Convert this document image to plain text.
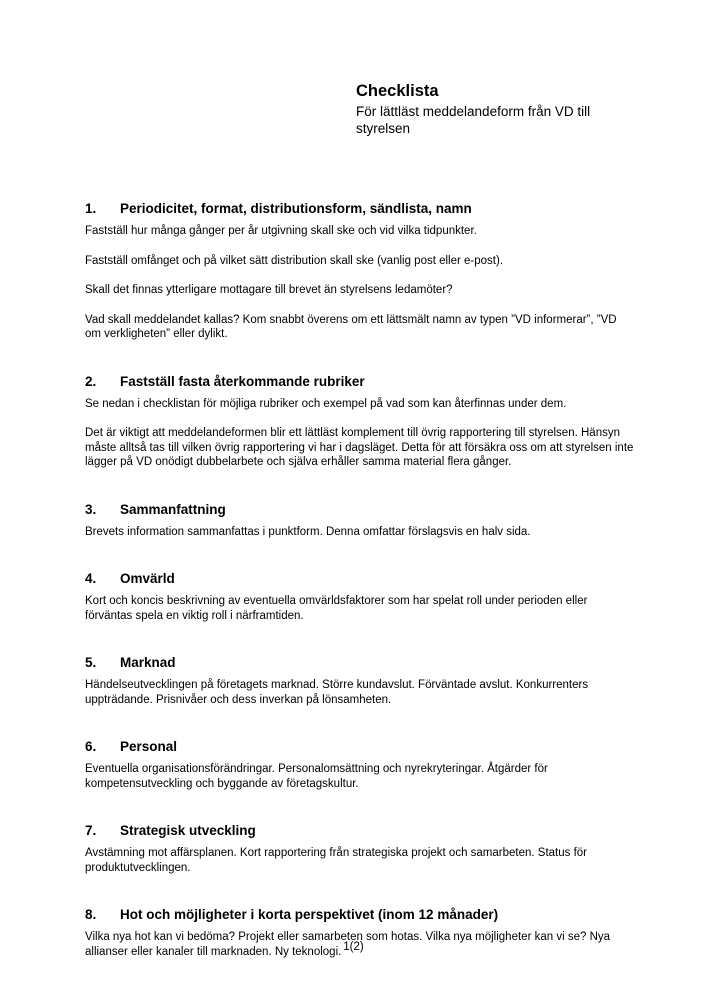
Checklista

För lättläst meddelandeform från VD till styrelsen

1.	Periodicitet, format, distributionsform, sändlista, namn

Fastställ hur många gånger per år utgivning skall ske och vid vilka tidpunkter.

Fastställ omfånget och på vilket sätt distribution skall ske (vanlig post eller e-post).

Skall det finnas ytterligare mottagare till brevet än styrelsens ledamöter?

Vad skall meddelandet kallas? Kom snabbt överens om ett lättsmält namn av typen ”VD informerar”, ”VD om verkligheten” eller dylikt.

2.	Fastställ fasta återkommande rubriker

Se nedan i checklistan för möjliga rubriker och exempel på vad som kan återfinnas under dem.

Det är viktigt att meddelandeformen blir ett lättläst komplement till övrig rapportering till styrelsen. Hänsyn måste alltså tas till vilken övrig rapportering vi har i dagsläget. Detta för att försäkra oss om att styrelsen inte lägger på VD onödigt dubbelarbete och själva erhåller samma material flera gånger.

3.	Sammanfattning

Brevets information sammanfattas i punktform. Denna omfattar förslagsvis en halv sida.

4.	Omvärld

Kort och koncis beskrivning av eventuella omvärldsfaktorer som har spelat roll under perioden eller förväntas spela en viktig roll i närframtiden.

5.	Marknad

Händelseutvecklingen på företagets marknad. Större kundavslut. Förväntade avslut. Konkurrenters uppträdande. Prisnivåer och dess inverkan på lönsamheten.

6.	Personal

Eventuella organisationsförändringar. Personalomsättning och nyrekryteringar. Åtgärder för kompetensutveckling och byggande av företagskultur.

7.	Strategisk utveckling

Avstämning mot affärsplanen. Kort rapportering från strategiska projekt och samarbeten. Status för produktutvecklingen.

8.	Hot och möjligheter i korta perspektivet (inom 12 månader)

Vilka nya hot kan vi bedöma? Projekt eller samarbeten som hotas. Vilka nya möjligheter kan vi se? Nya allianser eller kanaler till marknaden. Ny teknologi. 1(2)
